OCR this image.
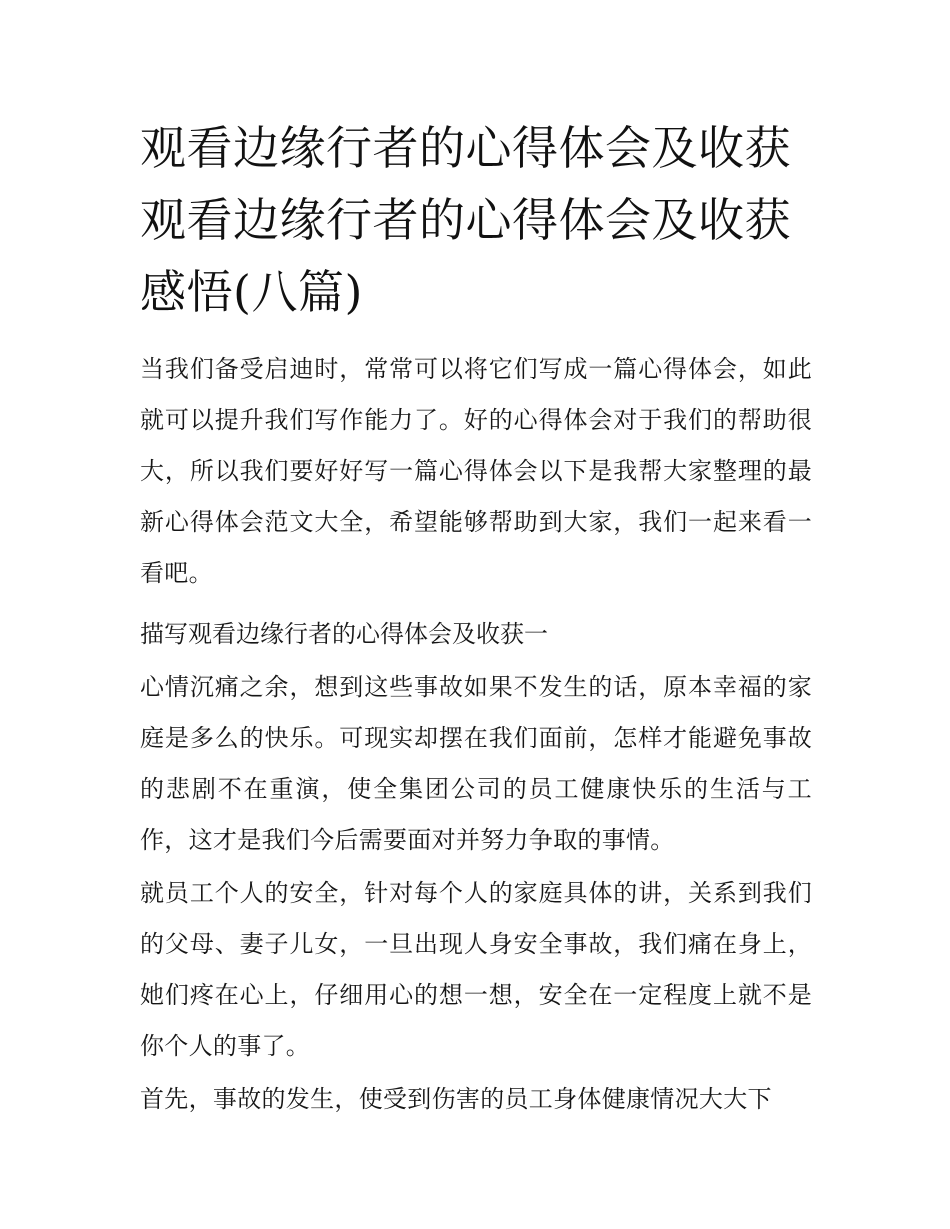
观看边缘行者的心得体会及收获 观看边缘行者的心得体会及收获感悟(八篇)

当我们备受启迪时，常常可以将它们写成一篇心得体会，如此就可以提升我们写作能力了。好的心得体会对于我们的帮助很大，所以我们要好好写一篇心得体会以下是我帮大家整理的最新心得体会范文大全，希望能够帮助到大家，我们一起来看一看吧。

描写观看边缘行者的心得体会及收获一

心情沉痛之余，想到这些事故如果不发生的话，原本幸福的家庭是多么的快乐。可现实却摆在我们面前，怎样才能避免事故的悲剧不在重演，使全集团公司的员工健康快乐的生活与工作，这才是我们今后需要面对并努力争取的事情。

就员工个人的安全，针对每个人的家庭具体的讲，关系到我们的父母、妻子儿女，一旦出现人身安全事故，我们痛在身上，她们疼在心上，仔细用心的想一想，安全在一定程度上就不是你个人的事了。

首先，事故的发生，使受到伤害的员工身体健康情况大大下
